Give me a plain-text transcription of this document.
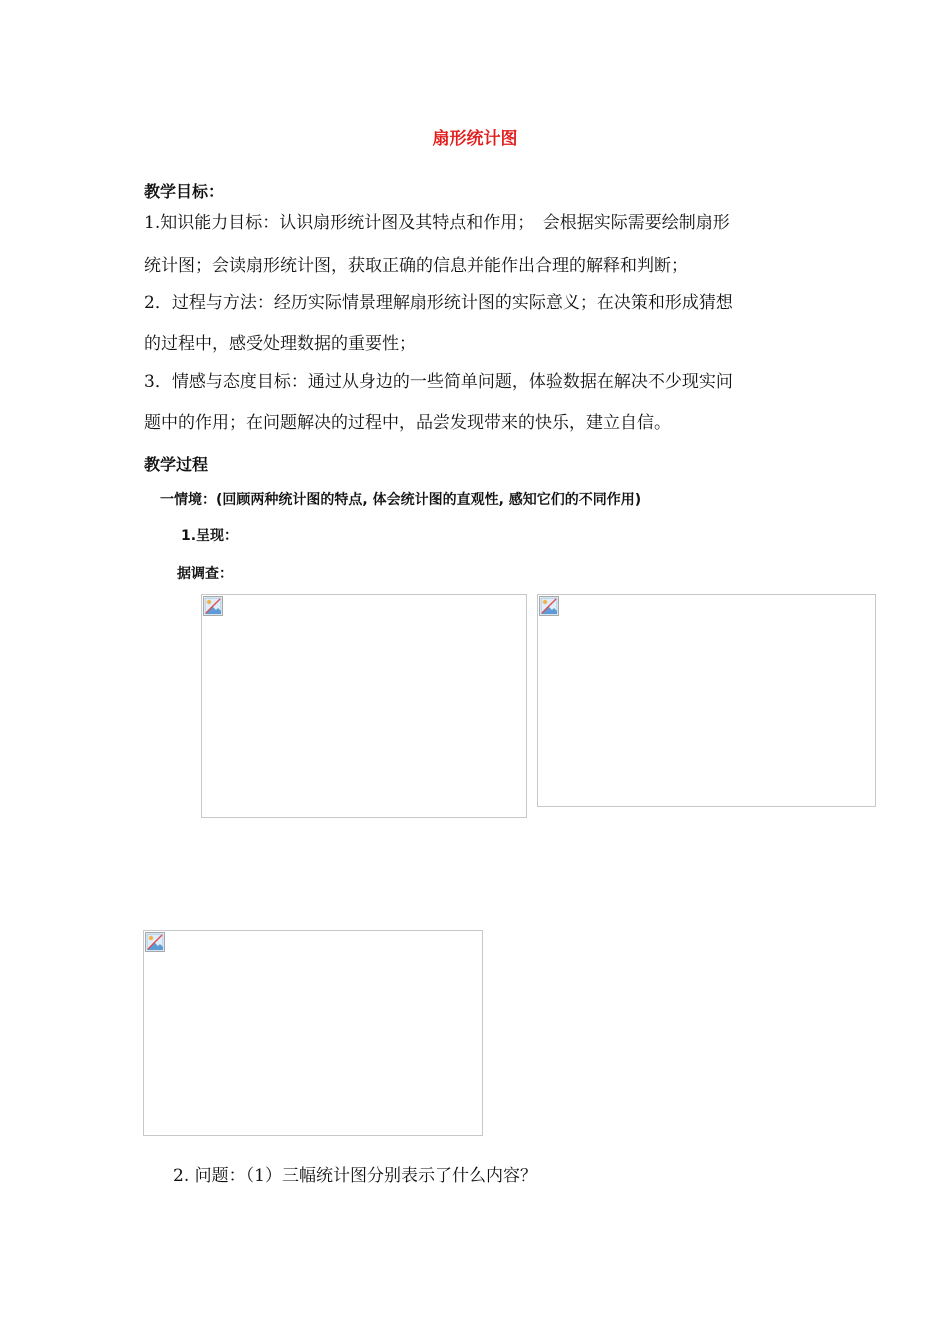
扇形统计图
教学目标：
1.知识能力目标：认识扇形统计图及其特点和作用；　会根据实际需要绘制扇形
统计图；会读扇形统计图，获取正确的信息并能作出合理的解释和判断；
2．过程与方法：经历实际情景理解扇形统计图的实际意义；在决策和形成猜想
的过程中，感受处理数据的重要性；
3．情感与态度目标：通过从身边的一些简单问题，体验数据在解决不少现实问
题中的作用；在问题解决的过程中，品尝发现带来的快乐，建立自信。
教学过程
一情境：(回顾两种统计图的特点, 体会统计图的直观性, 感知它们的不同作用)
1.呈现：
据调查：
2. 问题：（1）三幅统计图分别表示了什么内容？
